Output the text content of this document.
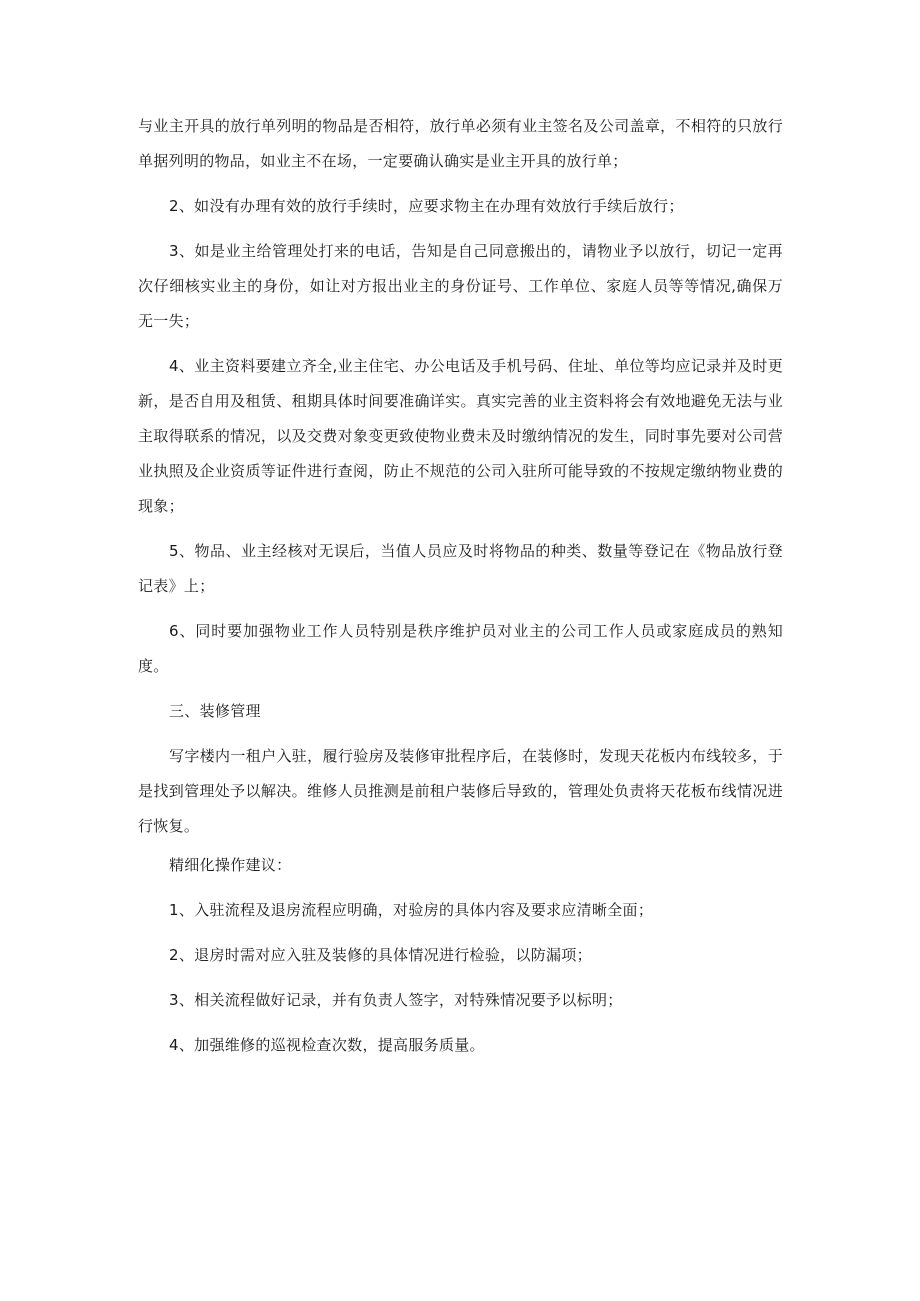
与业主开具的放行单列明的物品是否相符，放行单必须有业主签名及公司盖章，不相符的只放行单据列明的物品，如业主不在场，一定要确认确实是业主开具的放行单；

2、如没有办理有效的放行手续时，应要求物主在办理有效放行手续后放行；

3、如是业主给管理处打来的电话，告知是自己同意搬出的，请物业予以放行，切记一定再次仔细核实业主的身份，如让对方报出业主的身份证号、工作单位、家庭人员等等情况,确保万无一失；

4、业主资料要建立齐全,业主住宅、办公电话及手机号码、住址、单位等均应记录并及时更新，是否自用及租赁、租期具体时间要准确详实。真实完善的业主资料将会有效地避免无法与业主取得联系的情况，以及交费对象变更致使物业费未及时缴纳情况的发生，同时事先要对公司营业执照及企业资质等证件进行查阅，防止不规范的公司入驻所可能导致的不按规定缴纳物业费的现象；

5、物品、业主经核对无误后，当值人员应及时将物品的种类、数量等登记在《物品放行登记表》上；

6、同时要加强物业工作人员特别是秩序维护员对业主的公司工作人员或家庭成员的熟知度。

三、装修管理

写字楼内一租户入驻，履行验房及装修审批程序后，在装修时，发现天花板内布线较多，于是找到管理处予以解决。维修人员推测是前租户装修后导致的，管理处负责将天花板布线情况进行恢复。

精细化操作建议：

1、入驻流程及退房流程应明确，对验房的具体内容及要求应清晰全面；

2、退房时需对应入驻及装修的具体情况进行检验，以防漏项；

3、相关流程做好记录，并有负责人签字，对特殊情况要予以标明；

4、加强维修的巡视检查次数，提高服务质量。
